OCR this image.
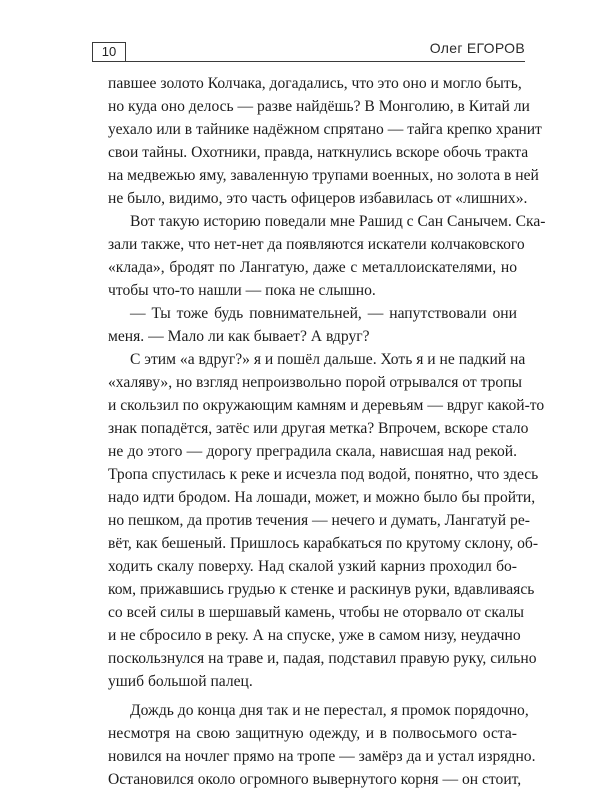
10	Олег ЕГОРОВ
павшее золото Колчака, догадались, что это оно и могло быть,
но куда оно делось — разве найдёшь? В Монголию, в Китай ли
уехало или в тайнике надёжном спрятано — тайга крепко хранит
свои тайны. Охотники, правда, наткнулись вскоре обочь тракта
на медвежью яму, заваленную трупами военных, но золота в ней
не было, видимо, это часть офицеров избавилась от «лишних».
Вот такую историю поведали мне Рашид с Сан Санычем. Ска-
зали также, что нет-нет да появляются искатели колчаковского
«клада», бродят по Лангатую, даже с металлоискателями, но
чтобы что-то нашли — пока не слышно.
— Ты тоже будь повнимательней, — напутствовали они
меня. — Мало ли как бывает? А вдруг?
С этим «а вдруг?» я и пошёл дальше. Хоть я и не падкий на
«халяву», но взгляд непроизвольно порой отрывался от тропы
и скользил по окружающим камням и деревьям — вдруг какой-то
знак попадётся, затёс или другая метка? Впрочем, вскоре стало
не до этого — дорогу преградила скала, нависшая над рекой.
Тропа спустилась к реке и исчезла под водой, понятно, что здесь
надо идти бродом. На лошади, может, и можно было бы пройти,
но пешком, да против течения — нечего и думать, Лангатуй ре-
вёт, как бешеный. Пришлось карабкаться по крутому склону, об-
ходить скалу поверху. Над скалой узкий карниз проходил бо-
ком, прижавшись грудью к стенке и раскинув руки, вдавливаясь
со всей силы в шершавый камень, чтобы не оторвало от скалы
и не сбросило в реку. А на спуске, уже в самом низу, неудачно
поскользнулся на траве и, падая, подставил правую руку, сильно
ушиб большой палец.
Дождь до конца дня так и не перестал, я промок порядочно,
несмотря на свою защитную одежду, и в полвосьмого оста-
новился на ночлег прямо на тропе — замёрз да и устал изрядно.
Остановился около огромного вывернутого корня — он стоит,
